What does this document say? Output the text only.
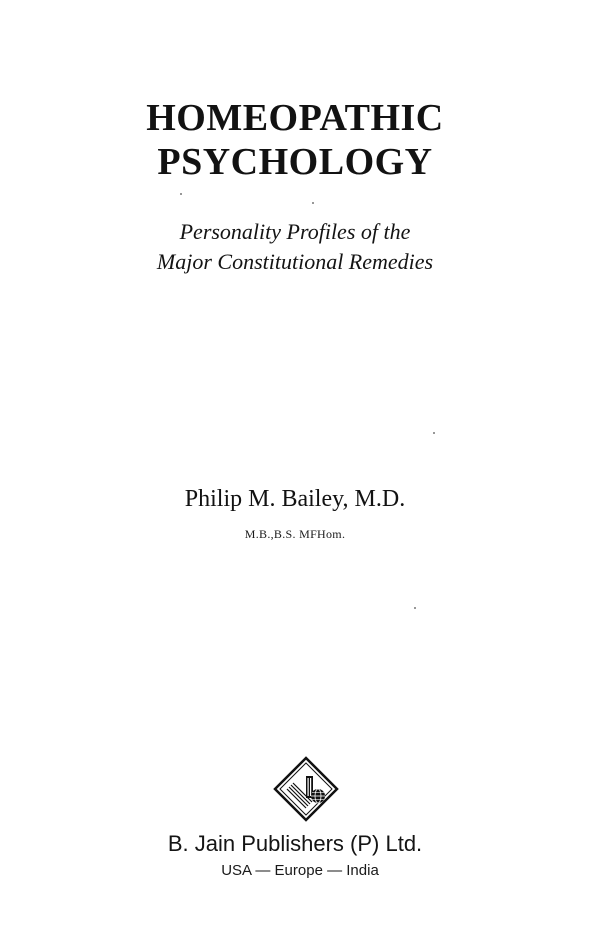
HOMEOPATHIC
PSYCHOLOGY
Personality Profiles of the
Major Constitutional Remedies
Philip M. Bailey, M.D.
M.B.,B.S. MFHom.
B. Jain Publishers (P) Ltd.
USA — Europe — India
